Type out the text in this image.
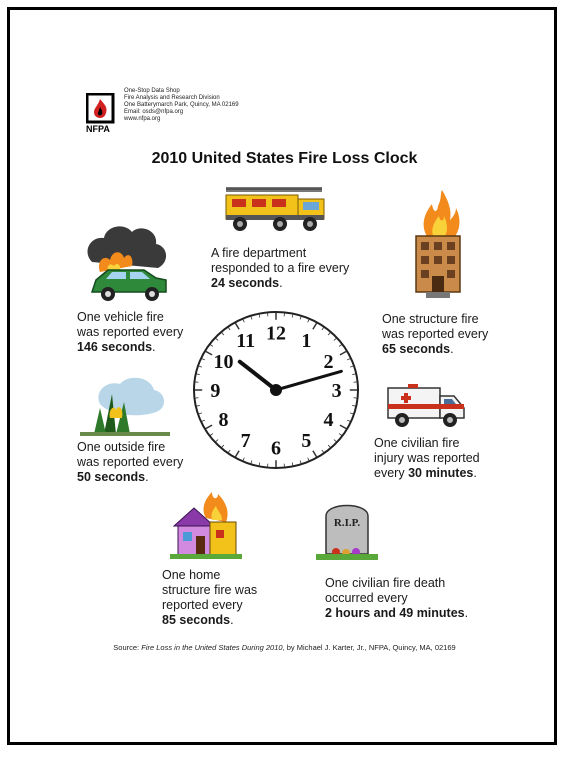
NFPA
One-Stop Data Shop
Fire Analysis and Research Division
One Batterymarch Park, Quincy, MA 02169
Email: osds@nfpa.org
www.nfpa.org
2010 United States Fire Loss Clock
A fire department
responded to a fire every
24 seconds.
One structure fire
was reported every
65 seconds.
One vehicle fire
was reported every
146 seconds.
12 1
2
3
4
5
6
7
8
9
10
11
One outside fire
was reported every
50 seconds.
One civilian fire
injury was reported
every 30 minutes.
One home
structure fire was
reported every
85 seconds.
R.I.P.
One civilian fire death
occurred every
2 hours and 49 minutes.
Source: Fire Loss in the United States During 2010, by Michael J. Karter, Jr., NFPA, Quincy, MA, 02169
